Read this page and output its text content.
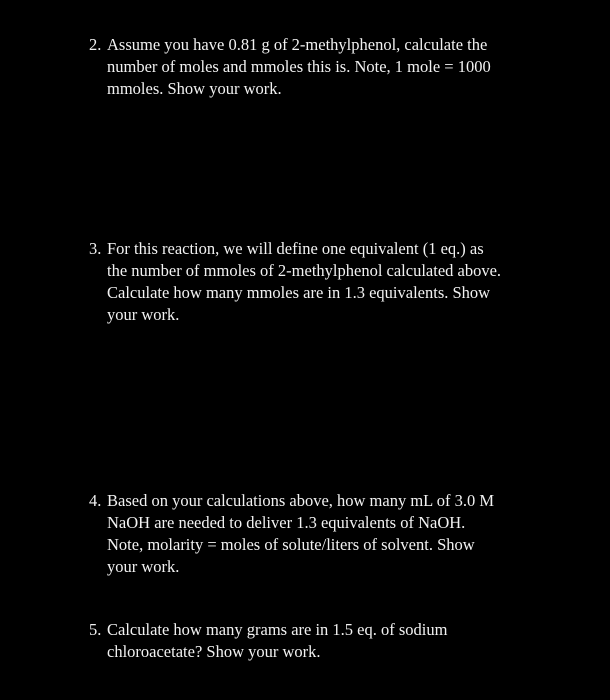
2. Assume you have 0.81 g of 2-methylphenol, calculate the
number of moles and mmoles this is. Note, 1 mole = 1000
mmoles. Show your work.
3. For this reaction, we will define one equivalent (1 eq.) as
the number of mmoles of 2-methylphenol calculated above.
Calculate how many mmoles are in 1.3 equivalents. Show
your work.
4. Based on your calculations above, how many mL of 3.0 M
NaOH are needed to deliver 1.3 equivalents of NaOH.
Note, molarity = moles of solute/liters of solvent. Show
your work.
5. Calculate how many grams are in 1.5 eq. of sodium
chloroacetate? Show your work.
